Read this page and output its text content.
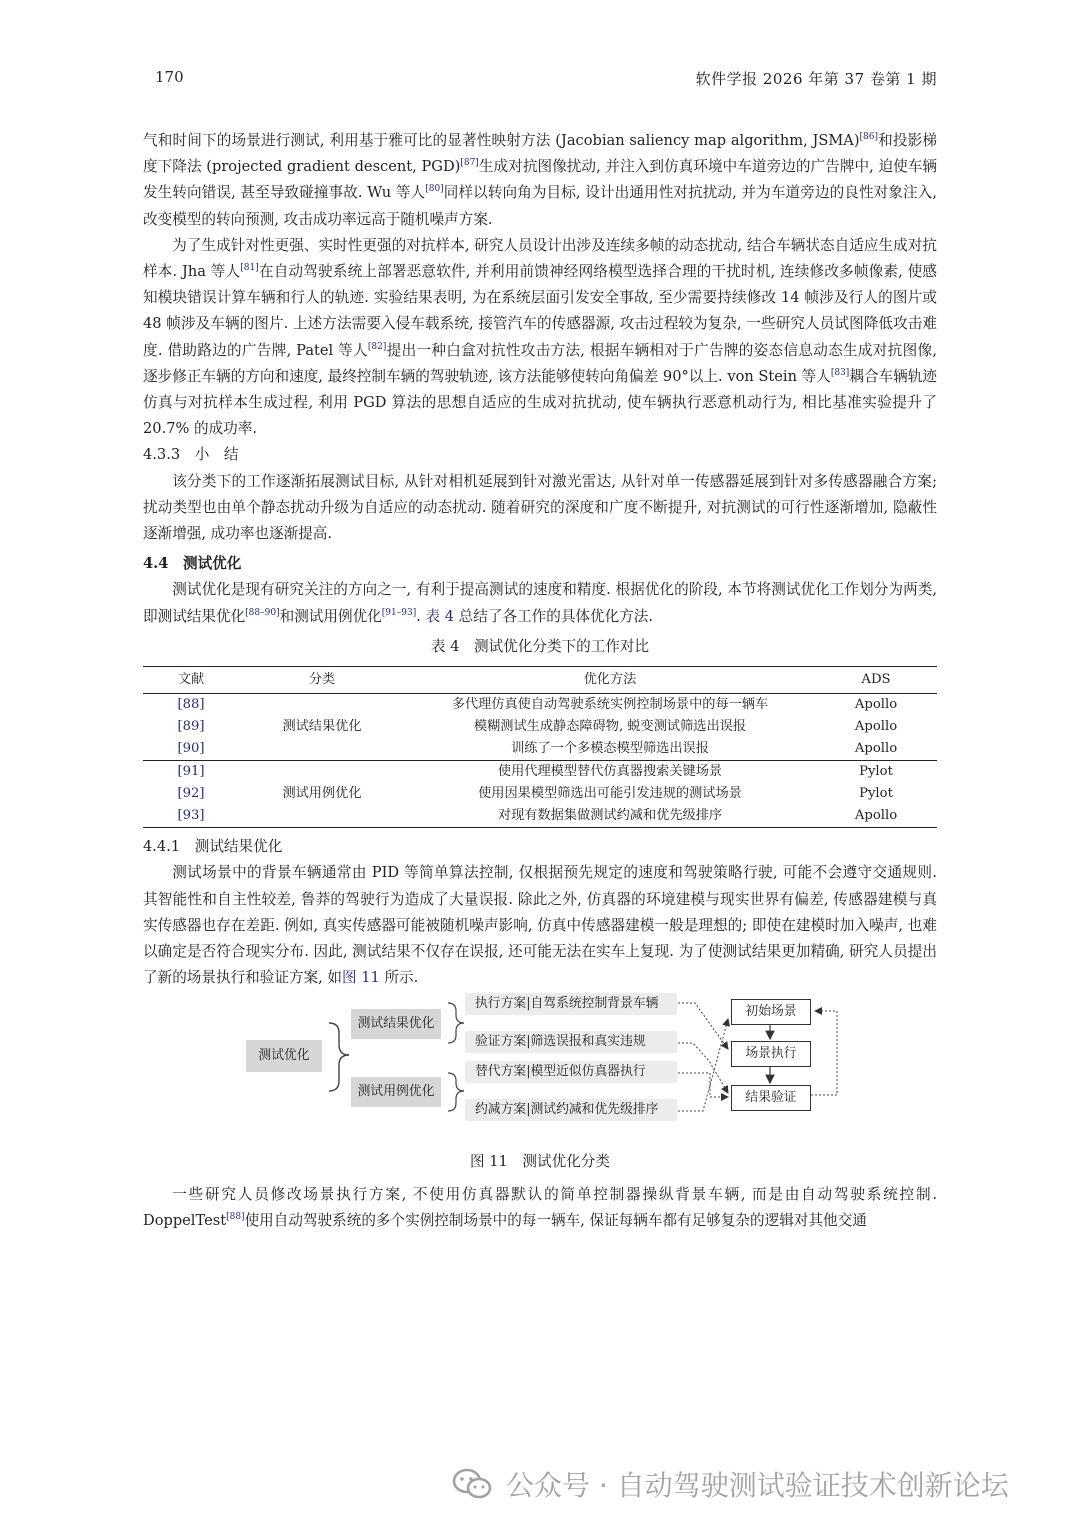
170	软件学报 2026 年第 37 卷第 1 期

气和时间下的场景进行测试, 利用基于雅可比的显著性映射方法 (Jacobian saliency map algorithm, JSMA)[86]和投影梯度下降法 (projected gradient descent, PGD)[87]生成对抗图像扰动, 并注入到仿真环境中车道旁边的广告牌中, 迫使车辆发生转向错误, 甚至导致碰撞事故. Wu 等人[80]同样以转向角为目标, 设计出通用性对抗扰动, 并为车道旁边的良性对象注入, 改变模型的转向预测, 攻击成功率远高于随机噪声方案.

为了生成针对性更强、实时性更强的对抗样本, 研究人员设计出涉及连续多帧的动态扰动, 结合车辆状态自适应生成对抗样本. Jha 等人[81]在自动驾驶系统上部署恶意软件, 并利用前馈神经网络模型选择合理的干扰时机, 连续修改多帧像素, 使感知模块错误计算车辆和行人的轨迹. 实验结果表明, 为在系统层面引发安全事故, 至少需要持续修改 14 帧涉及行人的图片或 48 帧涉及车辆的图片. 上述方法需要入侵车载系统, 接管汽车的传感器源, 攻击过程较为复杂, 一些研究人员试图降低攻击难度. 借助路边的广告牌, Patel 等人[82]提出一种白盒对抗性攻击方法, 根据车辆相对于广告牌的姿态信息动态生成对抗图像, 逐步修正车辆的方向和速度, 最终控制车辆的驾驶轨迹, 该方法能够使转向角偏差 90°以上. von Stein 等人[83]耦合车辆轨迹仿真与对抗样本生成过程, 利用 PGD 算法的思想自适应的生成对抗扰动, 使车辆执行恶意机动行为, 相比基准实验提升了 20.7% 的成功率.

4.3.3　小　结

该分类下的工作逐渐拓展测试目标, 从针对相机延展到针对激光雷达, 从针对单一传感器延展到针对多传感器融合方案; 扰动类型也由单个静态扰动升级为自适应的动态扰动. 随着研究的深度和广度不断提升, 对抗测试的可行性逐渐增加, 隐蔽性逐渐增强, 成功率也逐渐提高.

4.4　测试优化

测试优化是现有研究关注的方向之一, 有利于提高测试的速度和精度. 根据优化的阶段, 本节将测试优化工作划分为两类, 即测试结果优化[88–90]和测试用例优化[91–93]. 表 4 总结了各工作的具体优化方法.

表 4　测试优化分类下的工作对比
文献	分类	优化方法	ADS
[88]	测试结果优化	多代理仿真使自动驾驶系统实例控制场景中的每一辆车	Apollo
[89]		模糊测试生成静态障碍物, 蜕变测试筛选出误报	Apollo
[90]		训练了一个多模态模型筛选出误报	Apollo
[91]	测试用例优化	使用代理模型替代仿真器搜索关键场景	Pylot
[92]		使用因果模型筛选出可能引发违规的测试场景	Pylot
[93]		对现有数据集做测试约减和优先级排序	Apollo

4.4.1　测试结果优化

测试场景中的背景车辆通常由 PID 等简单算法控制, 仅根据预先规定的速度和驾驶策略行驶, 可能不会遵守交通规则. 其智能性和自主性较差, 鲁莽的驾驶行为造成了大量误报. 除此之外, 仿真器的环境建模与现实世界有偏差, 传感器建模与真实传感器也存在差距. 例如, 真实传感器可能被随机噪声影响, 仿真中传感器建模一般是理想的; 即使在建模时加入噪声, 也难以确定是否符合现实分布. 因此, 测试结果不仅存在误报, 还可能无法在实车上复现. 为了使测试结果更加精确, 研究人员提出了新的场景执行和验证方案, 如图 11 所示.

测试优化
测试结果优化
测试用例优化
执行方案|自驾系统控制背景车辆
验证方案|筛选误报和真实违规
替代方案|模型近似仿真器执行
约减方案|测试约减和优先级排序
初始场景
场景执行
结果验证
图 11　测试优化分类

一些研究人员修改场景执行方案, 不使用仿真器默认的简单控制器操纵背景车辆, 而是由自动驾驶系统控制. DoppelTest[88]使用自动驾驶系统的多个实例控制场景中的每一辆车, 保证每辆车都有足够复杂的逻辑对其他交通

公众号 · 自动驾驶测试验证技术创新论坛
